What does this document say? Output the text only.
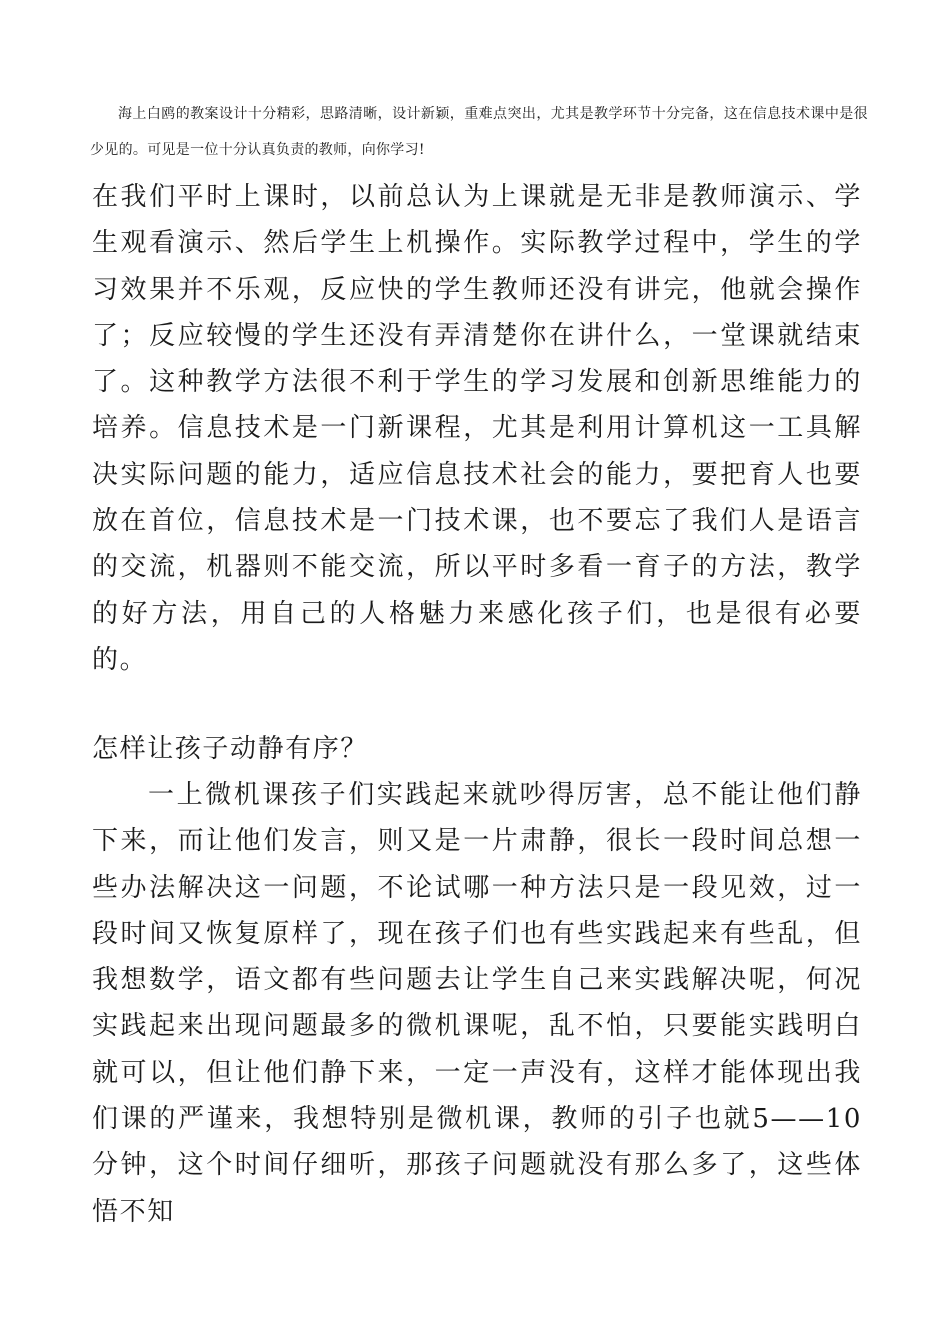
海上白鸥的教案设计十分精彩，思路清晰，设计新颖，重难点突出，尤其是教学环节十分完备，这在信息技术课中是很少见的。可见是一位十分认真负责的教师，向你学习!

在我们平时上课时，以前总认为上课就是无非是教师演示、学生观看演示、然后学生上机操作。实际教学过程中，学生的学习效果并不乐观，反应快的学生教师还没有讲完，他就会操作了；反应较慢的学生还没有弄清楚你在讲什么，一堂课就结束了。这种教学方法很不利于学生的学习发展和创新思维能力的培养。信息技术是一门新课程，尤其是利用计算机这一工具解决实际问题的能力，适应信息技术社会的能力，要把育人也要放在首位，信息技术是一门技术课，也不要忘了我们人是语言的交流，机器则不能交流，所以平时多看一育子的方法，教学的好方法，用自己的人格魅力来感化孩子们，也是很有必要的。

怎样让孩子动静有序？

一上微机课孩子们实践起来就吵得厉害，总不能让他们静下来，而让他们发言，则又是一片肃静，很长一段时间总想一些办法解决这一问题，不论试哪一种方法只是一段见效，过一段时间又恢复原样了，现在孩子们也有些实践起来有些乱，但我想数学，语文都有些问题去让学生自己来实践解决呢，何况实践起来出现问题最多的微机课呢，乱不怕，只要能实践明白就可以，但让他们静下来，一定一声没有，这样才能体现出我们课的严谨来，我想特别是微机课，教师的引子也就5——10分钟，这个时间仔细听，那孩子问题就没有那么多了，这些体悟不知
